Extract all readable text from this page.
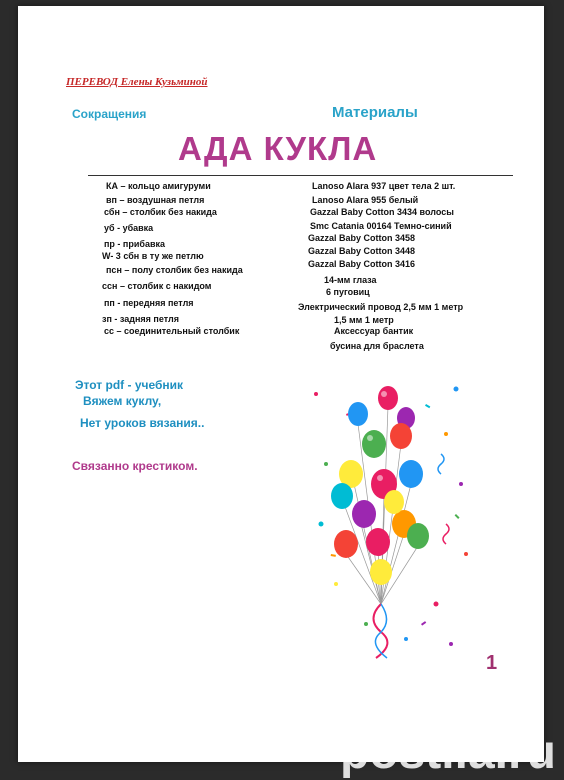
ПЕРЕВОД Елены Кузьминой
Сокращения	Материалы
АДА КУКЛА
КА – кольцо амигуруми
вп – воздушная петля
сбн – столбик без накида
уб - убавка
пр - прибавка
W- 3 сбн в ту же петлю
псн – полу столбик без накида
ссн – столбик с накидом
пп - передняя петля
зп - задняя петля
сс – соединительный столбик
Lanoso Alara 937 цвет тела 2 шт.
Lanoso Alara 955 белый
Gazzal Baby Cotton 3434 волосы
Smc Catania 00164 Темно-синий
Gazzal Baby Cotton 3458
Gazzal Baby Cotton 3448
Gazzal Baby Cotton 3416
14-мм глаза
6 пуговиц
Электрический провод 2,5 мм 1 метр
1,5 мм 1 метр
Аксессуар бантик
бусина для браслета
Этот pdf - учебник
Вяжем куклу,
Нет уроков вязания..
Связанно крестиком.
1
postila.ru
